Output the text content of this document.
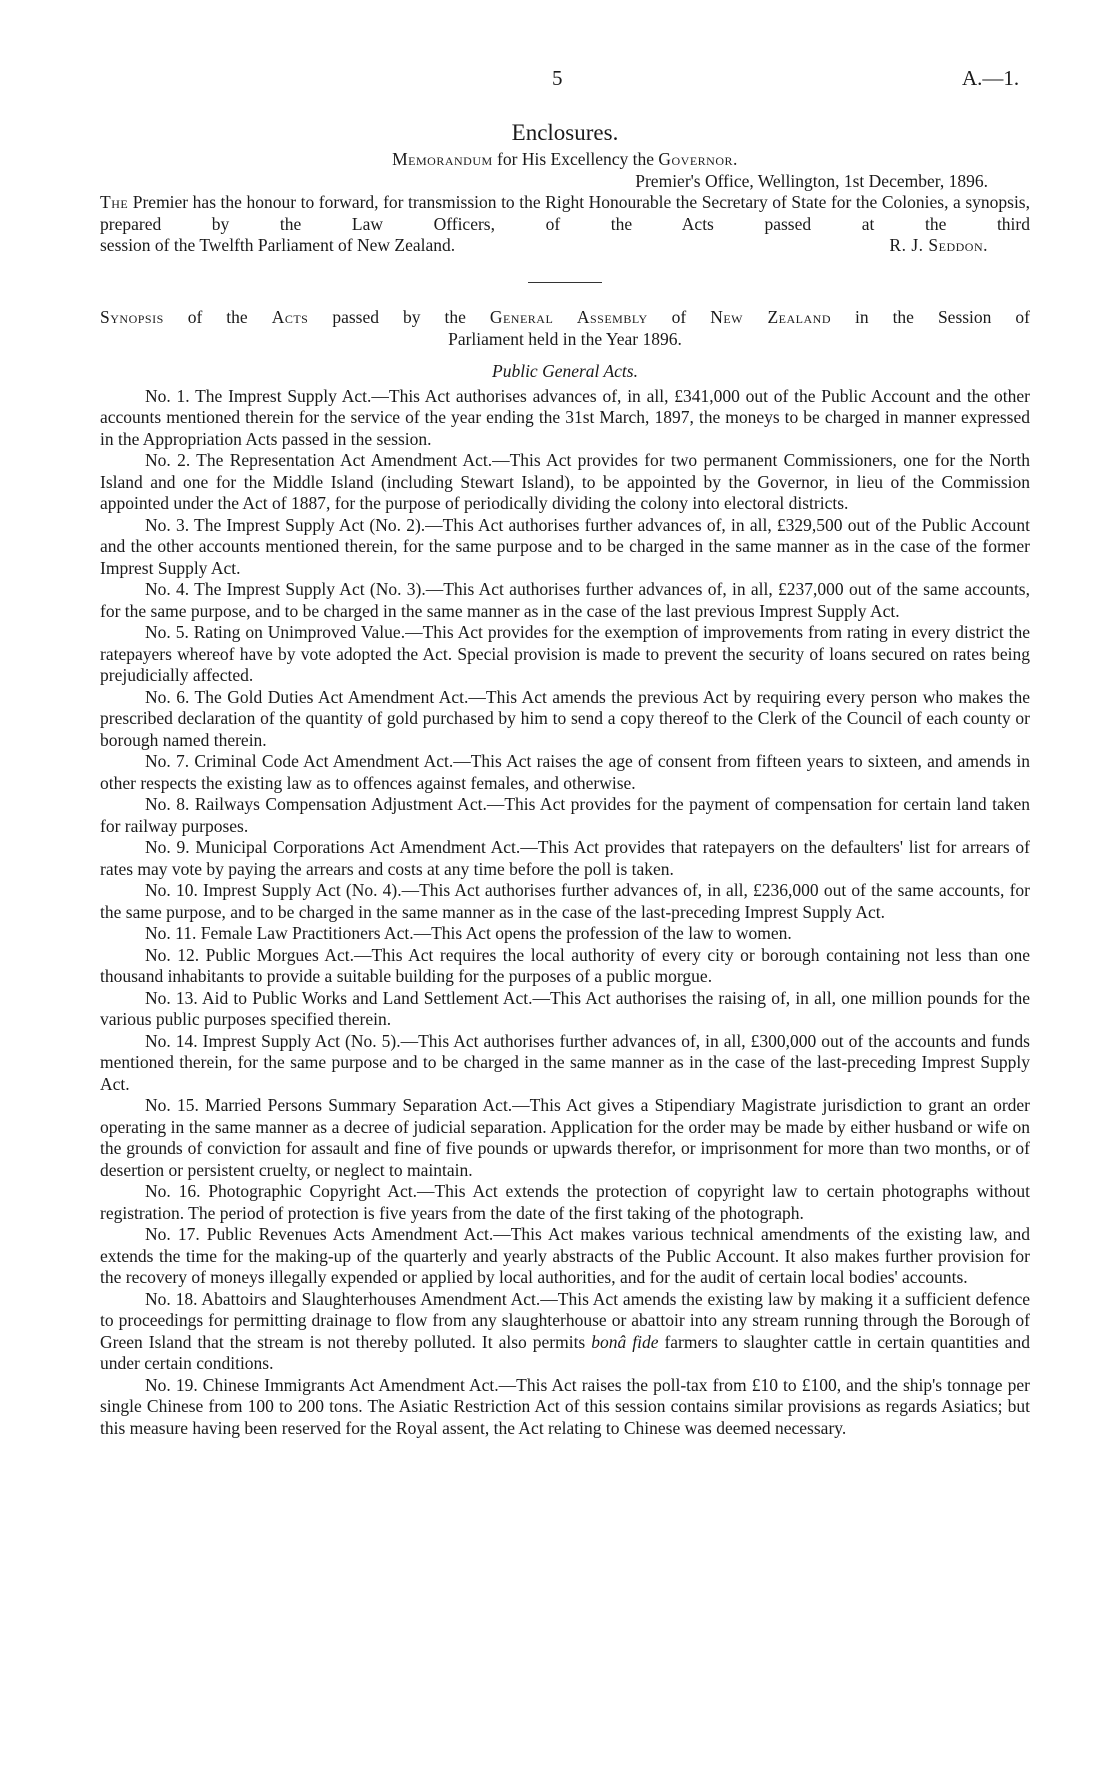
5	A.—1.
Enclosures.
Memorandum for His Excellency the Governor.
Premier's Office, Wellington, 1st December, 1896.

The Premier has the honour to forward, for transmission to the Right Honourable the Secretary of State for the Colonies, a synopsis, prepared by the Law Officers, of the Acts passed at the third

session of the Twelfth Parliament of New Zealand.	R. J. Seddon.
Synopsis of the Acts passed by the General Assembly of New Zealand in the Session of
Parliament held in the Year 1896.
Public General Acts.

No. 1. The Imprest Supply Act.—This Act authorises advances of, in all, £341,000 out of the Public Account and the other accounts mentioned therein for the service of the year ending the 31st March, 1897, the moneys to be charged in manner expressed in the Appropriation Acts passed in the session.

No. 2. The Representation Act Amendment Act.—This Act provides for two permanent Commissioners, one for the North Island and one for the Middle Island (including Stewart Island), to be appointed by the Governor, in lieu of the Commission appointed under the Act of 1887, for the purpose of periodically dividing the colony into electoral districts.

No. 3. The Imprest Supply Act (No. 2).—This Act authorises further advances of, in all, £329,500 out of the Public Account and the other accounts mentioned therein, for the same purpose and to be charged in the same manner as in the case of the former Imprest Supply Act.

No. 4. The Imprest Supply Act (No. 3).—This Act authorises further advances of, in all, £237,000 out of the same accounts, for the same purpose, and to be charged in the same manner as in the case of the last previous Imprest Supply Act.

No. 5. Rating on Unimproved Value.—This Act provides for the exemption of improvements from rating in every district the ratepayers whereof have by vote adopted the Act. Special provision is made to prevent the security of loans secured on rates being prejudicially affected.

No. 6. The Gold Duties Act Amendment Act.—This Act amends the previous Act by requiring every person who makes the prescribed declaration of the quantity of gold purchased by him to send a copy thereof to the Clerk of the Council of each county or borough named therein.

No. 7. Criminal Code Act Amendment Act.—This Act raises the age of consent from fifteen years to sixteen, and amends in other respects the existing law as to offences against females, and otherwise.

No. 8. Railways Compensation Adjustment Act.—This Act provides for the payment of compensation for certain land taken for railway purposes.

No. 9. Municipal Corporations Act Amendment Act.—This Act provides that ratepayers on the defaulters' list for arrears of rates may vote by paying the arrears and costs at any time before the poll is taken.

No. 10. Imprest Supply Act (No. 4).—This Act authorises further advances of, in all, £236,000 out of the same accounts, for the same purpose, and to be charged in the same manner as in the case of the last-preceding Imprest Supply Act.

No. 11. Female Law Practitioners Act.—This Act opens the profession of the law to women.

No. 12. Public Morgues Act.—This Act requires the local authority of every city or borough containing not less than one thousand inhabitants to provide a suitable building for the purposes of a public morgue.

No. 13. Aid to Public Works and Land Settlement Act.—This Act authorises the raising of, in all, one million pounds for the various public purposes specified therein.

No. 14. Imprest Supply Act (No. 5).—This Act authorises further advances of, in all, £300,000 out of the accounts and funds mentioned therein, for the same purpose and to be charged in the same manner as in the case of the last-preceding Imprest Supply Act.

No. 15. Married Persons Summary Separation Act.—This Act gives a Stipendiary Magistrate jurisdiction to grant an order operating in the same manner as a decree of judicial separation. Application for the order may be made by either husband or wife on the grounds of conviction for assault and fine of five pounds or upwards therefor, or imprisonment for more than two months, or of desertion or persistent cruelty, or neglect to maintain.

No. 16. Photographic Copyright Act.—This Act extends the protection of copyright law to certain photographs without registration. The period of protection is five years from the date of the first taking of the photograph.

No. 17. Public Revenues Acts Amendment Act.—This Act makes various technical amendments of the existing law, and extends the time for the making-up of the quarterly and yearly abstracts of the Public Account. It also makes further provision for the recovery of moneys illegally expended or applied by local authorities, and for the audit of certain local bodies' accounts.

No. 18. Abattoirs and Slaughterhouses Amendment Act.—This Act amends the existing law by making it a sufficient defence to proceedings for permitting drainage to flow from any slaughterhouse or abattoir into any stream running through the Borough of Green Island that the stream is not thereby polluted. It also permits bonâ fide farmers to slaughter cattle in certain quantities and under certain conditions.

No. 19. Chinese Immigrants Act Amendment Act.—This Act raises the poll-tax from £10 to £100, and the ship's tonnage per single Chinese from 100 to 200 tons. The Asiatic Restriction Act of this session contains similar provisions as regards Asiatics; but this measure having been reserved for the Royal assent, the Act relating to Chinese was deemed necessary.
